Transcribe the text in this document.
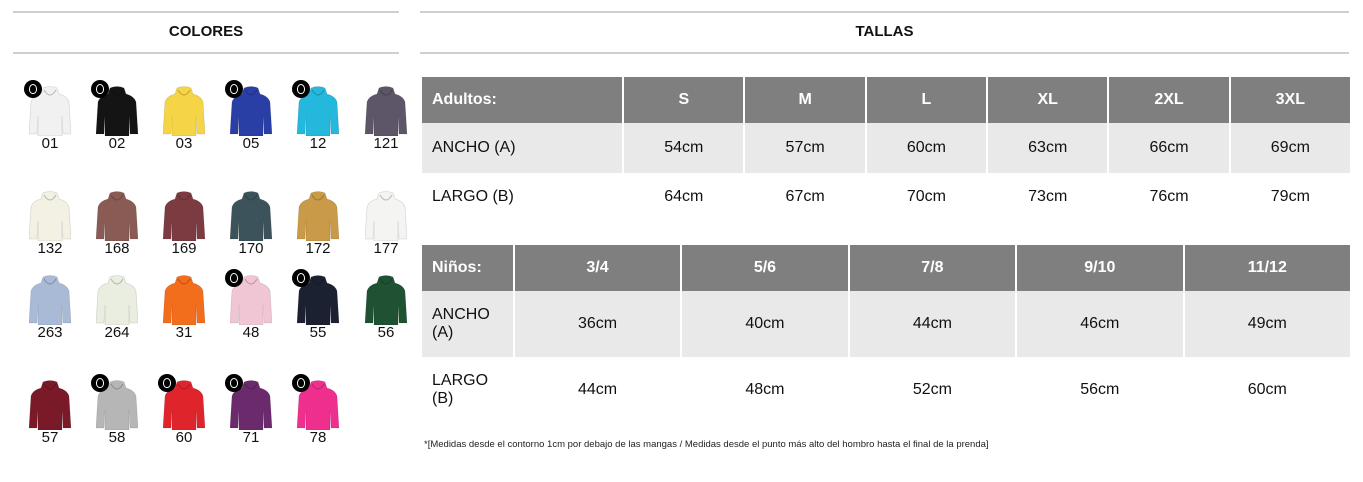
COLORES	TALLAS
01	02	03	05	12	121
132	168	169	170	172	177
263	264	31	48	55	56
57	58	60	71	78
Adultos:	S	M	L	XL	2XL	3XL
ANCHO (A)	54cm	57cm	60cm	63cm	66cm	69cm
LARGO (B)	64cm	67cm	70cm	73cm	76cm	79cm
Niños:	3/4	5/6	7/8	9/10	11/12
ANCHO
(A)	36cm	40cm	44cm	46cm	49cm
LARGO
(B)	44cm	48cm	52cm	56cm	60cm
*[Medidas desde el contorno 1cm por debajo de las mangas / Medidas desde el punto más alto del hombro hasta el final de la prenda]
